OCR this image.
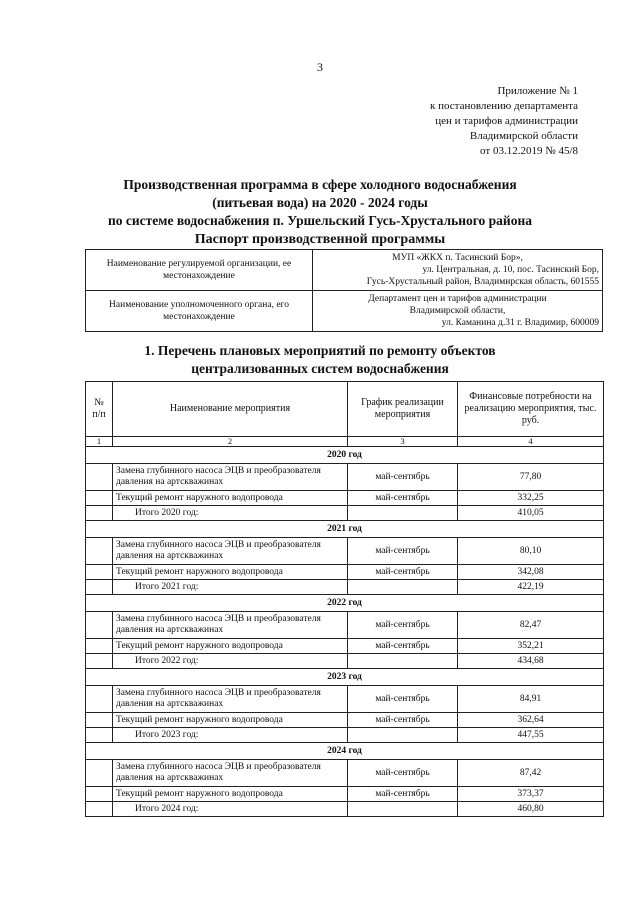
3
Приложение № 1
к постановлению департамента
цен и тарифов администрации
Владимирской области
от 03.12.2019 № 45/8
Производственная программа в сфере холодного водоснабжения
(питьевая вода) на 2020 - 2024 годы
по системе водоснабжения п. Уршельский Гусь-Хрустального района
Паспорт производственной программы
Наименование регулируемой организации, ее местонахождение	МУП «ЖКХ п. Тасинский Бор»,
ул. Центральная, д. 10, пос. Тасинский Бор,
Гусь-Хрустальный район, Владимирская область, 601555

Наименование уполномоченного органа, его местонахождение	Департамент цен и тарифов администрации
Владимирской области,
ул. Каманина д.31 г. Владимир, 600009
1. Перечень плановых мероприятий по ремонту объектов
централизованных систем водоснабжения
№ п/п	Наименование мероприятия	График реализации мероприятия	Финансовые потребности на реализацию мероприятия, тыс. руб.
1	2	3	4
2020 год			
	Замена глубинного насоса ЭЦВ и преобразователя давления на артскважинах	май-сентябрь	77,80
	Текущий ремонт наружного водопровода	май-сентябрь	332,25
	Итого 2020 год:		410,05
2021 год			
	Замена глубинного насоса ЭЦВ и преобразователя давления на артскважинах	май-сентябрь	80,10
	Текущий ремонт наружного водопровода	май-сентябрь	342,08
	Итого 2021 год:		422,19
2022 год			
	Замена глубинного насоса ЭЦВ и преобразователя давления на артскважинах	май-сентябрь	82,47
	Текущий ремонт наружного водопровода	май-сентябрь	352,21
	Итого 2022 год:		434,68
2023 год			
	Замена глубинного насоса ЭЦВ и преобразователя давления на артскважинах	май-сентябрь	84,91
	Текущий ремонт наружного водопровода	май-сентябрь	362,64
	Итого 2023 год:		447,55
2024 год			
	Замена глубинного насоса ЭЦВ и преобразователя давления на артскважинах	май-сентябрь	87,42
	Текущий ремонт наружного водопровода	май-сентябрь	373,37
	Итого 2024 год:		460,80
